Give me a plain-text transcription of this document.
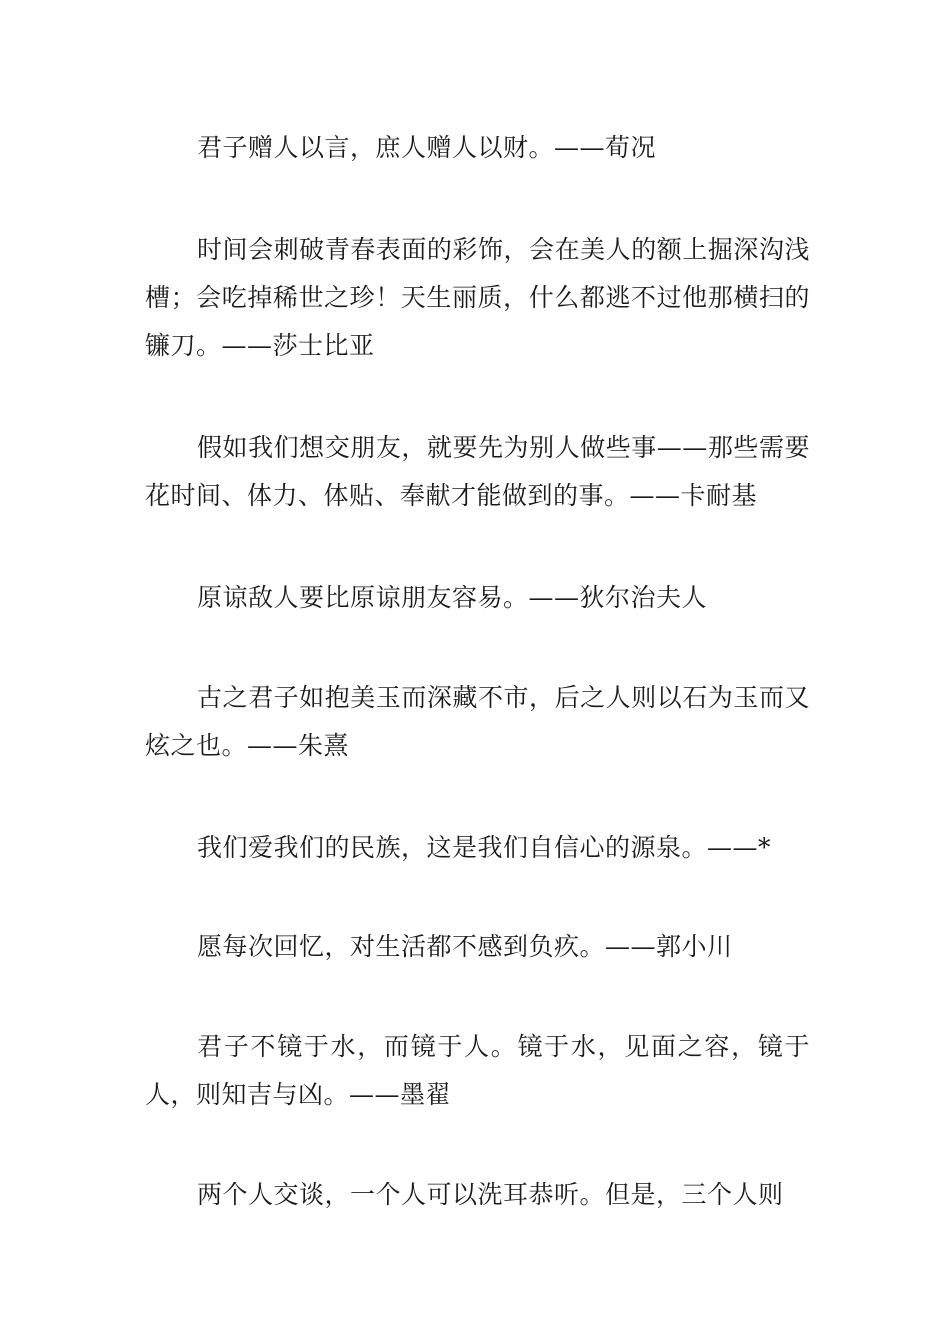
君子赠人以言，庶人赠人以财。——荀况

时间会刺破青春表面的彩饰，会在美人的额上掘深沟浅槽；会吃掉稀世之珍！天生丽质，什么都逃不过他那横扫的镰刀。——莎士比亚

假如我们想交朋友，就要先为别人做些事——那些需要花时间、体力、体贴、奉献才能做到的事。——卡耐基

原谅敌人要比原谅朋友容易。——狄尔治夫人

古之君子如抱美玉而深藏不市，后之人则以石为玉而又炫之也。——朱熹

我们爱我们的民族，这是我们自信心的源泉。——*

愿每次回忆，对生活都不感到负疚。——郭小川

君子不镜于水，而镜于人。镜于水，见面之容，镜于人，则知吉与凶。——墨翟

两个人交谈，一个人可以洗耳恭听。但是，三个人则
